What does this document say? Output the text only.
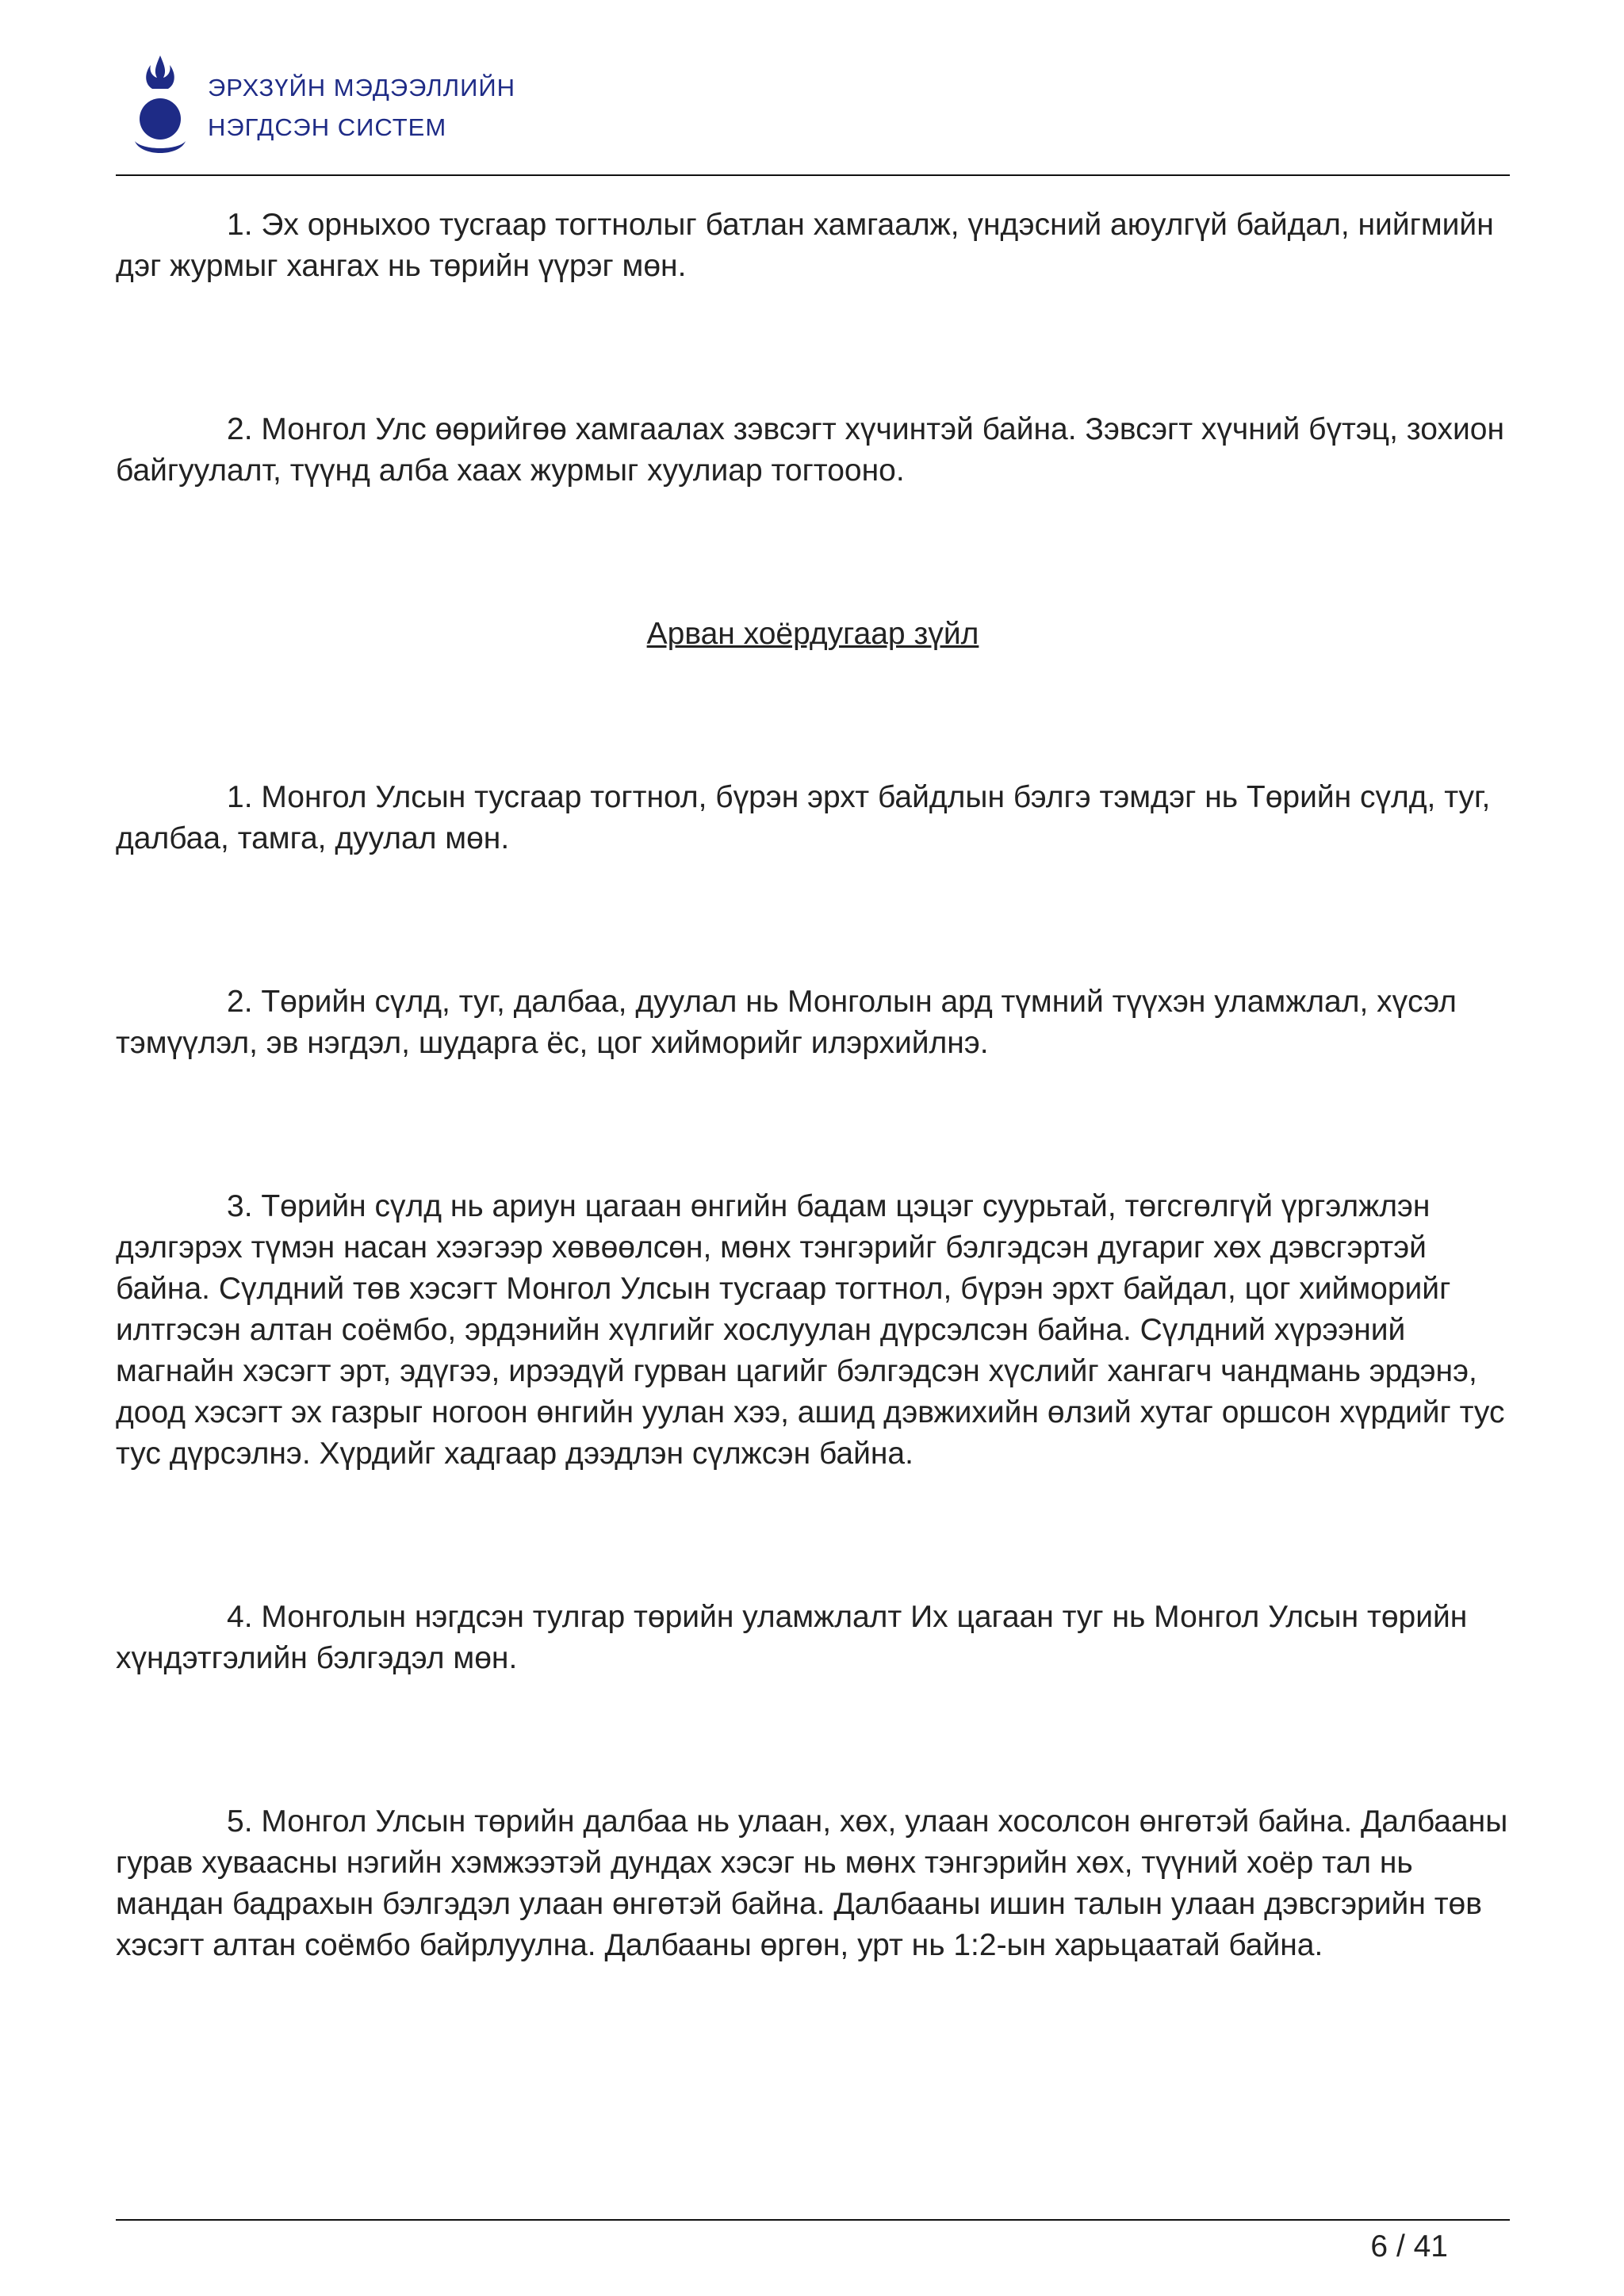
ЭРХЗҮЙН МЭДЭЭЛЛИЙН
НЭГДСЭН СИСТЕМ

1. Эх орныхоо тусгаар тогтнолыг батлан хамгаалж, үндэсний аюулгүй байдал, нийгмийн дэг журмыг хангах нь төрийн үүрэг мөн.

2. Монгол Улс өөрийгөө хамгаалах зэвсэгт хүчинтэй байна. Зэвсэгт хүчний бүтэц, зохион байгуулалт, түүнд алба хаах журмыг хуулиар тогтооно.

Арван хоёрдугаар зүйл

1. Монгол Улсын тусгаар тогтнол, бүрэн эрхт байдлын бэлгэ тэмдэг нь Төрийн сүлд, туг, далбаа, тамга, дуулал мөн.

2. Төрийн сүлд, туг, далбаа, дуулал нь Монголын ард түмний түүхэн уламжлал, хүсэл тэмүүлэл, эв нэгдэл, шударга ёс, цог хийморийг илэрхийлнэ.

3. Төрийн сүлд нь ариун цагаан өнгийн бадам цэцэг суурьтай, төгсгөлгүй үргэлжлэн дэлгэрэх түмэн насан хээгээр хөвөөлсөн, мөнх тэнгэрийг бэлгэдсэн дугариг хөх дэвсгэртэй байна. Сүлдний төв хэсэгт Монгол Улсын тусгаар тогтнол, бүрэн эрхт байдал, цог хийморийг илтгэсэн алтан соёмбо, эрдэнийн хүлгийг хослуулан дүрсэлсэн байна. Сүлдний хүрээний магнайн хэсэгт эрт, эдүгээ, ирээдүй гурван цагийг бэлгэдсэн хүслийг хангагч чандмань эрдэнэ, доод хэсэгт эх газрыг ногоон өнгийн уулан хээ, ашид дэвжихийн өлзий хутаг оршсон хүрдийг тус тус дүрсэлнэ. Хүрдийг хадгаар дээдлэн сүлжсэн байна.

4. Монголын нэгдсэн тулгар төрийн уламжлалт Их цагаан туг нь Монгол Улсын төрийн хүндэтгэлийн бэлгэдэл мөн.

5. Монгол Улсын төрийн далбаа нь улаан, хөх, улаан хосолсон өнгөтэй байна. Далбааны гурав хуваасны нэгийн хэмжээтэй дундах хэсэг нь мөнх тэнгэрийн хөх, түүний хоёр тал нь мандан бадрахын бэлгэдэл улаан өнгөтэй байна. Далбааны ишин талын улаан дэвсгэрийн төв хэсэгт алтан соёмбо байрлуулна. Далбааны өргөн, урт нь 1:2-ын харьцаатай байна.

6 / 41
